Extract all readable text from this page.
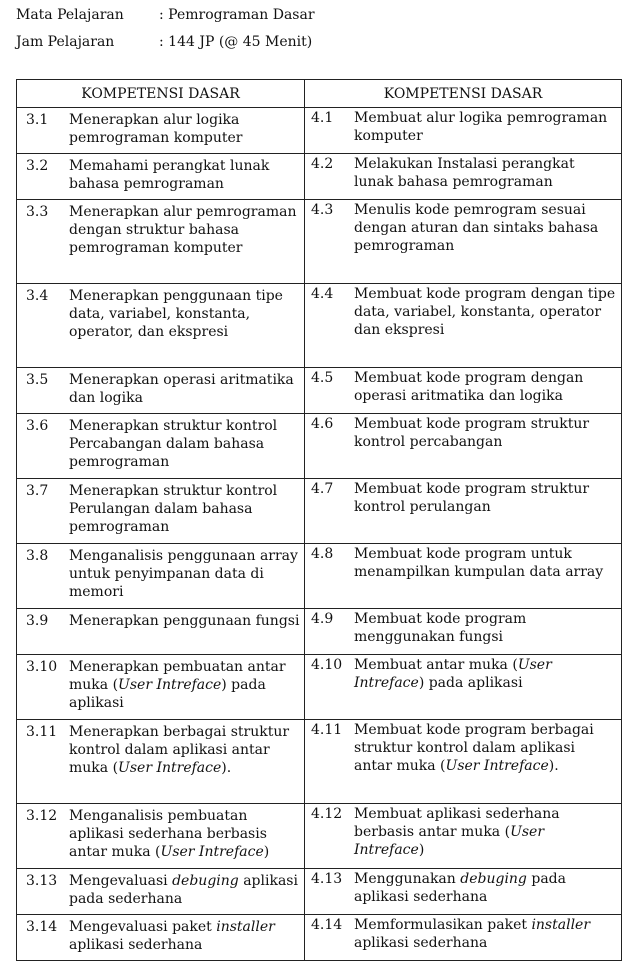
Mata Pelajaran	: Pemrograman Dasar
Jam Pelajaran	: 144 JP (@ 45 Menit)
KOMPETENSI DASAR	KOMPETENSI DASAR

3.1 Menerapkan alur logika pemrograman komputer	4.1 Membuat alur logika pemrograman komputer

3.2 Memahami perangkat lunak bahasa pemrograman	4.2 Melakukan Instalasi perangkat lunak bahasa pemrograman

3.3 Menerapkan alur pemrograman dengan struktur bahasa pemrograman komputer	4.3 Menulis kode pemrogram sesuai dengan aturan dan sintaks bahasa pemrograman

3.4 Menerapkan penggunaan tipe data, variabel, konstanta, operator, dan ekspresi	4.4 Membuat kode program dengan tipe data, variabel, konstanta, operator dan ekspresi

3.5 Menerapkan operasi aritmatika dan logika	4.5 Membuat kode program dengan operasi aritmatika dan logika

3.6 Menerapkan struktur kontrol Percabangan dalam bahasa pemrograman	4.6 Membuat kode program struktur kontrol percabangan

3.7 Menerapkan struktur kontrol Perulangan dalam bahasa pemrograman	4.7 Membuat kode program struktur kontrol perulangan

3.8 Menganalisis penggunaan array untuk penyimpanan data di memori	4.8 Membuat kode program untuk menampilkan kumpulan data array

3.9 Menerapkan penggunaan fungsi	4.9 Membuat kode program menggunakan fungsi

3.10 Menerapkan pembuatan antar muka (User Intreface) pada aplikasi	4.10 Membuat antar muka (User Intreface) pada aplikasi

3.11 Menerapkan berbagai struktur kontrol dalam aplikasi antar muka (User Intreface).	4.11 Membuat kode program berbagai struktur kontrol dalam aplikasi antar muka (User Intreface).

3.12 Menganalisis pembuatan aplikasi sederhana berbasis antar muka (User Intreface)	4.12 Membuat aplikasi sederhana berbasis antar muka (User Intreface)

3.13 Mengevaluasi debuging aplikasi pada sederhana	4.13 Menggunakan debuging pada aplikasi sederhana

3.14 Mengevaluasi paket installer aplikasi sederhana	4.14 Memformulasikan paket installer aplikasi sederhana
